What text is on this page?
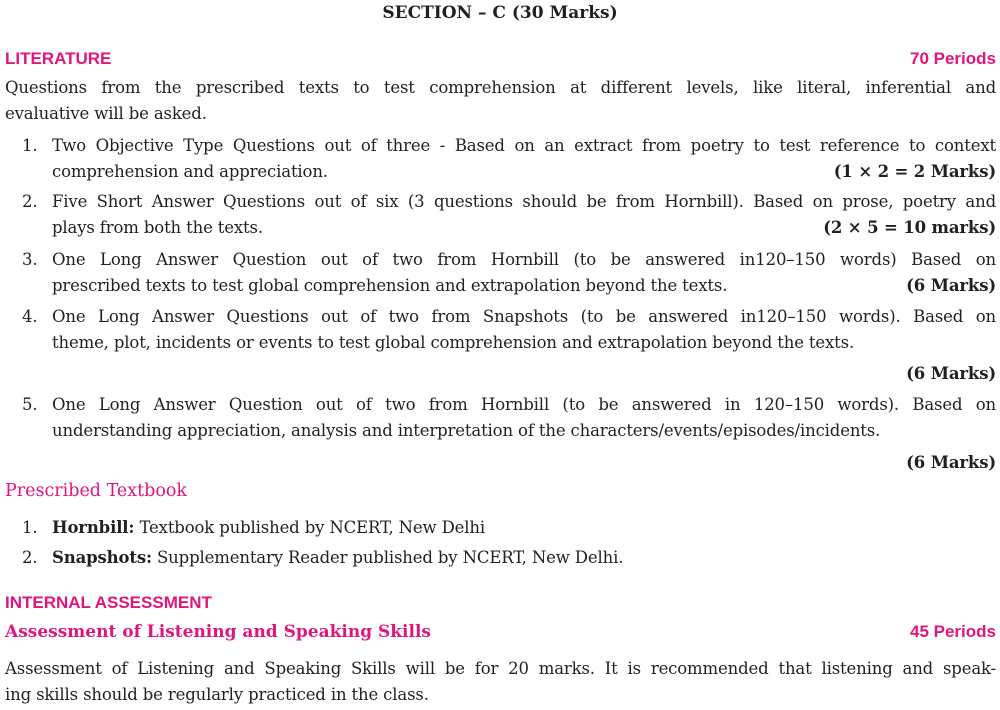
SECTION – C (30 Marks)
LITERATURE	70 Periods
Questions from the prescribed texts to test comprehension at different levels, like literal, inferential and
evaluative will be asked.
1. Two Objective Type Questions out of three - Based on an extract from poetry to test reference to context
comprehension and appreciation.	(1 × 2 = 2 Marks)
2. Five Short Answer Questions out of six (3 questions should be from Hornbill). Based on prose, poetry and
plays from both the texts.	(2 × 5 = 10 marks)
3. One Long Answer Question out of two from Hornbill (to be answered in120–150 words) Based on
prescribed texts to test global comprehension and extrapolation beyond the texts.	(6 Marks)
4. One Long Answer Questions out of two from Snapshots (to be answered in120–150 words). Based on
theme, plot, incidents or events to test global comprehension and extrapolation beyond the texts.
(6 Marks)
5. One Long Answer Question out of two from Hornbill (to be answered in 120–150 words). Based on
understanding appreciation, analysis and interpretation of the characters/events/episodes/incidents.
(6 Marks)
Prescribed Textbook
1. Hornbill: Textbook published by NCERT, New Delhi
2. Snapshots: Supplementary Reader published by NCERT, New Delhi.
INTERNAL ASSESSMENT
Assessment of Listening and Speaking Skills	45 Periods
Assessment of Listening and Speaking Skills will be for 20 marks. It is recommended that listening and speak-
ing skills should be regularly practiced in the class.
